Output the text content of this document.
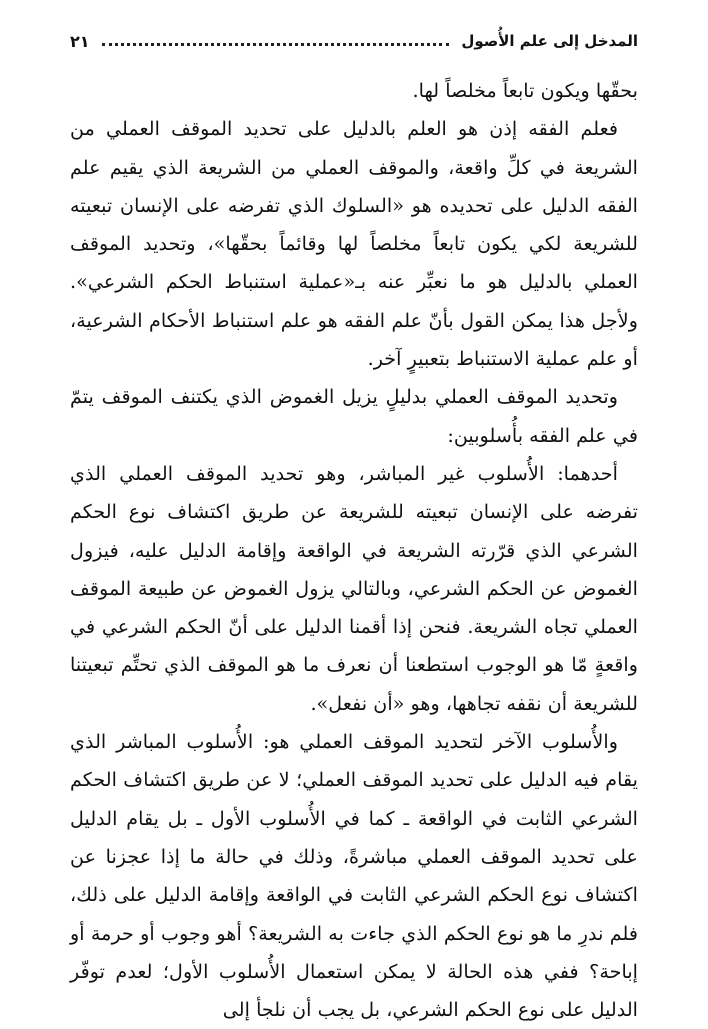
المدخل إلى علم الأُصول
٢١

بحقّها ويكون تابعاً مخلصاً لها.

فعلم الفقه إذن هو العلم بالدليل على تحديد الموقف العملي من الشريعة في كلِّ واقعة، والموقف العملي من الشريعة الذي يقيم علم الفقه الدليل على تحديده هو «السلوك الذي تفرضه على الإنسان تبعيته للشريعة لكي يكون تابعاً مخلصاً لها وقائماً بحقّها»، وتحديد الموقف العملي بالدليل هو ما نعبِّر عنه بـ«عملية استنباط الحكم الشرعي». ولأجل هذا يمكن القول بأنّ علم الفقه هو علم استنباط الأحكام الشرعية، أو علم عملية الاستنباط بتعبيرٍ آخر.

وتحديد الموقف العملي بدليلٍ يزيل الغموض الذي يكتنف الموقف يتمّ في علم الفقه بأُسلوبين:

أحدهما: الأُسلوب غير المباشر، وهو تحديد الموقف العملي الذي تفرضه على الإنسان تبعيته للشريعة عن طريق اكتشاف نوع الحكم الشرعي الذي قرّرته الشريعة في الواقعة وإقامة الدليل عليه، فيزول الغموض عن الحكم الشرعي، وبالتالي يزول الغموض عن طبيعة الموقف العملي تجاه الشريعة. فنحن إذا أقمنا الدليل على أنّ الحكم الشرعي في واقعةٍ مّا هو الوجوب استطعنا أن نعرف ما هو الموقف الذي تحتِّم تبعيتنا للشريعة أن نقفه تجاهها، وهو «أن نفعل».

والأُسلوب الآخر لتحديد الموقف العملي هو: الأُسلوب المباشر الذي يقام فيه الدليل على تحديد الموقف العملي؛ لا عن طريق اكتشاف الحكم الشرعي الثابت في الواقعة ـ كما في الأُسلوب الأول ـ بل يقام الدليل على تحديد الموقف العملي مباشرةً، وذلك في حالة ما إذا عجزنا عن اكتشاف نوع الحكم الشرعي الثابت في الواقعة وإقامة الدليل على ذلك، فلم ندرِ ما هو نوع الحكم الذي جاءت به الشريعة؟ أهو وجوب أو حرمة أو إباحة؟ ففي هذه الحالة لا يمكن استعمال الأُسلوب الأول؛ لعدم توفّر الدليل على نوع الحكم الشرعي، بل يجب أن نلجأ إلى
